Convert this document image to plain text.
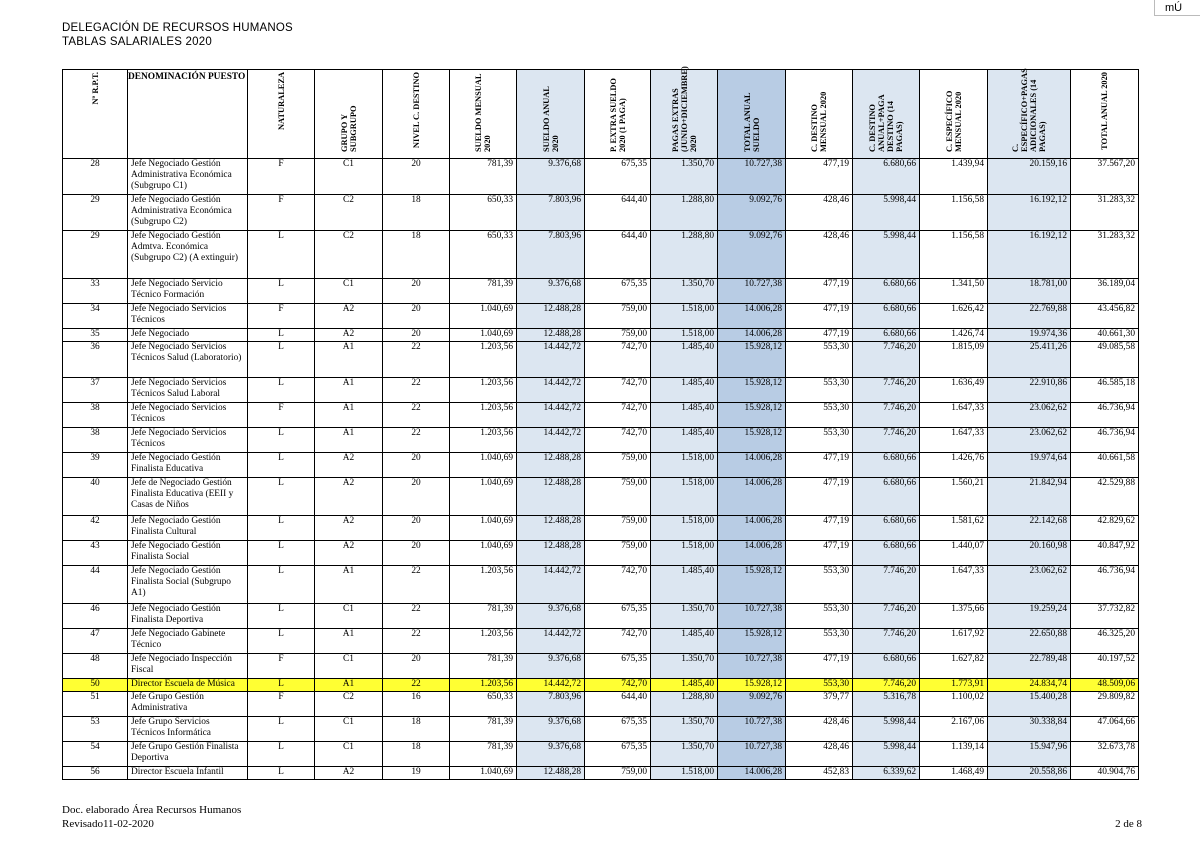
DELEGACIÓN DE RECURSOS HUMANOS
TABLAS SALARIALES 2020
mÚ
Nº R.P.T.	DENOMINACIÓN PUESTO	NATURALEZA	GRUPO Y SUBGRUPO	NIVEL C. DESTINO	SUELDO MENSUAL 2020	SUELDO ANUAL 2020	P. EXTRA SUELDO 2020 (1 PAGA)	PAGAS EXTRAS (JUNIO+DICIEMBRE) 2020	TOTAL ANUAL SUELDO	C. DESTINO MENSUAL 2020	C. DESTINO ANUAL+PAGA DESTINO (14 PAGAS)	C. ESPECÍFICO MENSUAL 2020	C. ESPECÍFICO+PAGAS ADICIONALES (14 PAGAS)	TOTAL ANUAL 2020
28	Jefe Negociado Gestión Administrativa Económica (Subgrupo C1)	F	C1	20	781,39	9.376,68	675,35	1.350,70	10.727,38	477,19	6.680,66	1.439,94	20.159,16	37.567,20
29	Jefe Negociado Gestión Administrativa Económica (Subgrupo C2)	F	C2	18	650,33	7.803,96	644,40	1.288,80	9.092,76	428,46	5.998,44	1.156,58	16.192,12	31.283,32
29	Jefe Negociado Gestión Admtva. Económica (Subgrupo C2) (A extinguir)	L	C2	18	650,33	7.803,96	644,40	1.288,80	9.092,76	428,46	5.998,44	1.156,58	16.192,12	31.283,32
33	Jefe Negociado Servicio Técnico Formación	L	C1	20	781,39	9.376,68	675,35	1.350,70	10.727,38	477,19	6.680,66	1.341,50	18.781,00	36.189,04
34	Jefe Negociado Servicios Técnicos	F	A2	20	1.040,69	12.488,28	759,00	1.518,00	14.006,28	477,19	6.680,66	1.626,42	22.769,88	43.456,82
35	Jefe Negociado	L	A2	20	1.040,69	12.488,28	759,00	1.518,00	14.006,28	477,19	6.680,66	1.426,74	19.974,36	40.661,30
36	Jefe Negociado Servicios Técnicos Salud (Laboratorio)	L	A1	22	1.203,56	14.442,72	742,70	1.485,40	15.928,12	553,30	7.746,20	1.815,09	25.411,26	49.085,58
37	Jefe Negociado Servicios Técnicos Salud Laboral	L	A1	22	1.203,56	14.442,72	742,70	1.485,40	15.928,12	553,30	7.746,20	1.636,49	22.910,86	46.585,18
38	Jefe Negociado Servicios Técnicos	F	A1	22	1.203,56	14.442,72	742,70	1.485,40	15.928,12	553,30	7.746,20	1.647,33	23.062,62	46.736,94
38	Jefe Negociado Servicios Técnicos	L	A1	22	1.203,56	14.442,72	742,70	1.485,40	15.928,12	553,30	7.746,20	1.647,33	23.062,62	46.736,94
39	Jefe Negociado Gestión Finalista Educativa	L	A2	20	1.040,69	12.488,28	759,00	1.518,00	14.006,28	477,19	6.680,66	1.426,76	19.974,64	40.661,58
40	Jefe de Negociado Gestión Finalista Educativa (EEII y Casas de Niños	L	A2	20	1.040,69	12.488,28	759,00	1.518,00	14.006,28	477,19	6.680,66	1.560,21	21.842,94	42.529,88
42	Jefe Negociado Gestión Finalista Cultural	L	A2	20	1.040,69	12.488,28	759,00	1.518,00	14.006,28	477,19	6.680,66	1.581,62	22.142,68	42.829,62
43	Jefe Negociado Gestión Finalista Social	L	A2	20	1.040,69	12.488,28	759,00	1.518,00	14.006,28	477,19	6.680,66	1.440,07	20.160,98	40.847,92
44	Jefe Negociado Gestión Finalista Social (Subgrupo A1)	L	A1	22	1.203,56	14.442,72	742,70	1.485,40	15.928,12	553,30	7.746,20	1.647,33	23.062,62	46.736,94
46	Jefe Negociado Gestión Finalista Deportiva	L	C1	22	781,39	9.376,68	675,35	1.350,70	10.727,38	553,30	7.746,20	1.375,66	19.259,24	37.732,82
47	Jefe Negociado Gabinete Técnico	L	A1	22	1.203,56	14.442,72	742,70	1.485,40	15.928,12	553,30	7.746,20	1.617,92	22.650,88	46.325,20
48	Jefe Negociado Inspección Fiscal	F	C1	20	781,39	9.376,68	675,35	1.350,70	10.727,38	477,19	6.680,66	1.627,82	22.789,48	40.197,52
50	Director Escuela de Música	L	A1	22	1.203,56	14.442,72	742,70	1.485,40	15.928,12	553,30	7.746,20	1.773,91	24.834,74	48.509,06
51	Jefe Grupo Gestión Administrativa	F	C2	16	650,33	7.803,96	644,40	1.288,80	9.092,76	379,77	5.316,78	1.100,02	15.400,28	29.809,82
53	Jefe Grupo Servicios Técnicos Informática	L	C1	18	781,39	9.376,68	675,35	1.350,70	10.727,38	428,46	5.998,44	2.167,06	30.338,84	47.064,66
54	Jefe Grupo Gestión Finalista Deportiva	L	C1	18	781,39	9.376,68	675,35	1.350,70	10.727,38	428,46	5.998,44	1.139,14	15.947,96	32.673,78
56	Director Escuela Infantil	L	A2	19	1.040,69	12.488,28	759,00	1.518,00	14.006,28	452,83	6.339,62	1.468,49	20.558,86	40.904,76
Doc. elaborado Área Recursos Humanos
Revisado11-02-2020	2 de 8
